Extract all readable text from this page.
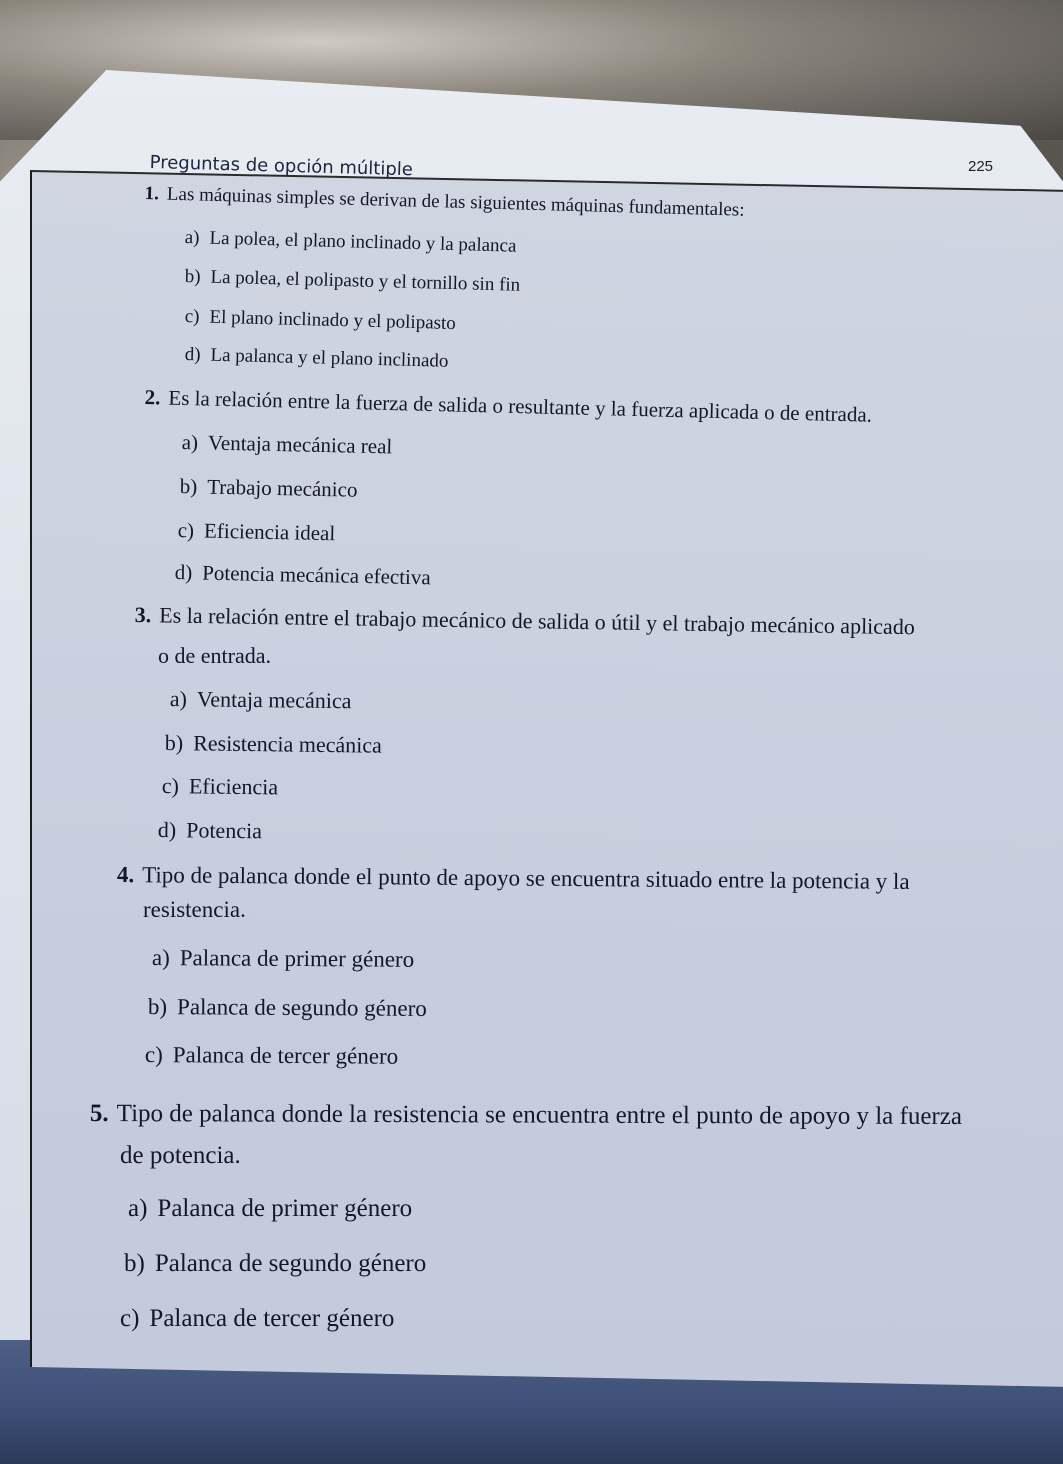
225
Preguntas de opción múltiple
1. Las máquinas simples se derivan de las siguientes máquinas fundamentales:
a) La polea, el plano inclinado y la palanca
b) La polea, el polipasto y el tornillo sin fin
c) El plano inclinado y el polipasto
d) La palanca y el plano inclinado
2. Es la relación entre la fuerza de salida o resultante y la fuerza aplicada o de entrada.
a) Ventaja mecánica real
b) Trabajo mecánico
c) Eficiencia ideal
d) Potencia mecánica efectiva
3. Es la relación entre el trabajo mecánico de salida o útil y el trabajo mecánico aplicado
o de entrada.
a) Ventaja mecánica
b) Resistencia mecánica
c) Eficiencia
d) Potencia
4. Tipo de palanca donde el punto de apoyo se encuentra situado entre la potencia y la
resistencia.
a) Palanca de primer género
b) Palanca de segundo género
c) Palanca de tercer género
5. Tipo de palanca donde la resistencia se encuentra entre el punto de apoyo y la fuerza
de potencia.
a) Palanca de primer género
b) Palanca de segundo género
c) Palanca de tercer género
